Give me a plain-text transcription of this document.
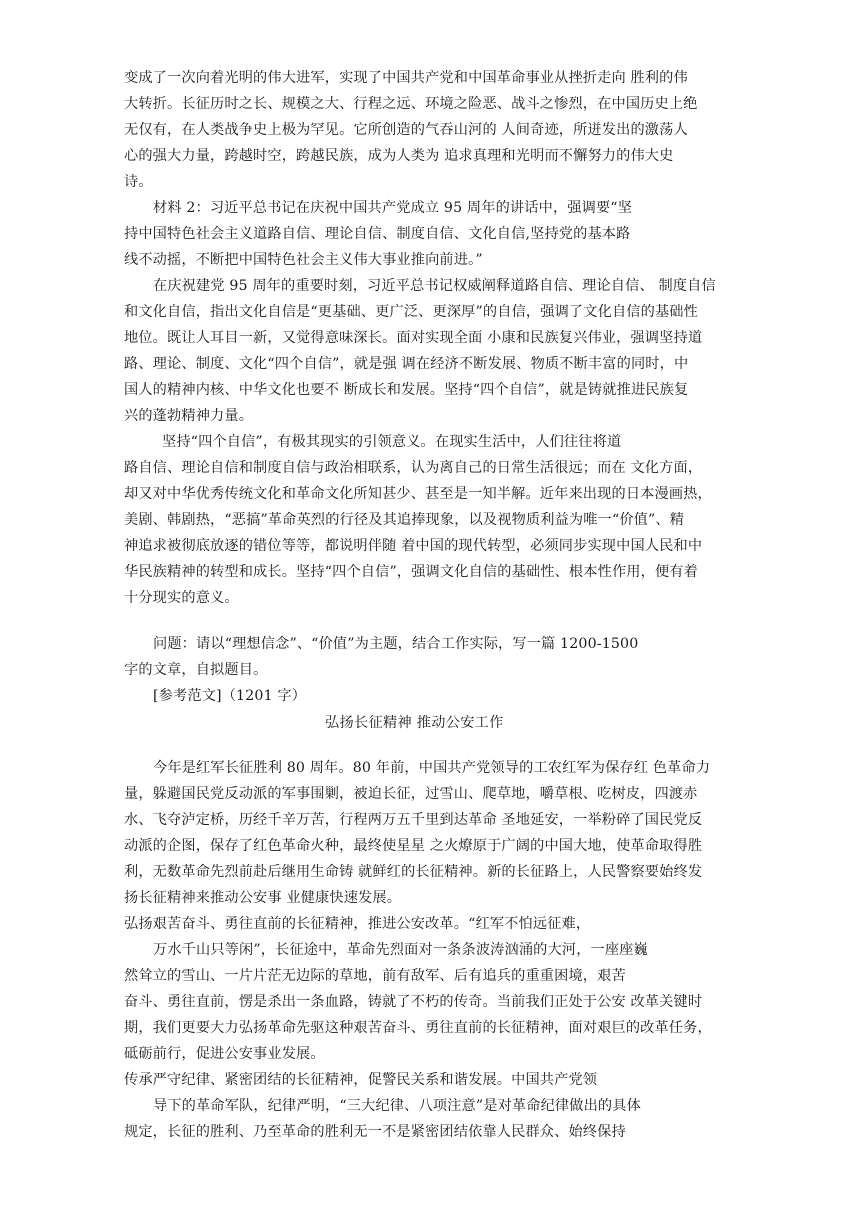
变成了一次向着光明的伟大进军，实现了中国共产党和中国革命事业从挫折走向 胜利的伟
大转折。长征历时之长、规模之大、行程之远、环境之险恶、战斗之惨烈，在中国历史上绝
无仅有，在人类战争史上极为罕见。它所创造的气吞山河的 人间奇迹，所迸发出的激荡人
心的强大力量，跨越时空，跨越民族，成为人类为 追求真理和光明而不懈努力的伟大史
诗。
材料 2：习近平总书记在庆祝中国共产党成立 95 周年的讲话中，强调要“坚
持中国特色社会主义道路自信、理论自信、制度自信、文化自信,坚持党的基本路
线不动摇，不断把中国特色社会主义伟大事业推向前进。”
在庆祝建党 95 周年的重要时刻，习近平总书记权威阐释道路自信、理论自信、 制度自信
和文化自信，指出文化自信是“更基础、更广泛、更深厚”的自信，强调了文化自信的基础性
地位。既让人耳目一新，又觉得意味深长。面对实现全面 小康和民族复兴伟业，强调坚持道
路、理论、制度、文化“四个自信”，就是强 调在经济不断发展、物质不断丰富的同时，中
国人的精神内核、中华文化也要不 断成长和发展。坚持“四个自信”，就是铸就推进民族复
兴的蓬勃精神力量。
坚持“四个自信”，有极其现实的引领意义。在现实生活中，人们往往将道
路自信、理论自信和制度自信与政治相联系，认为离自己的日常生活很远；而在 文化方面，
却又对中华优秀传统文化和革命文化所知甚少、甚至是一知半解。近年来出现的日本漫画热，
美剧、韩剧热，“恶搞”革命英烈的行径及其追捧现象，以及视物质利益为唯一“价值”、精
神追求被彻底放逐的错位等等，都说明伴随 着中国的现代转型，必须同步实现中国人民和中
华民族精神的转型和成长。坚持“四个自信”，强调文化自信的基础性、根本性作用，便有着
十分现实的意义。
问题：请以“理想信念”、“价值”为主题，结合工作实际，写一篇 1200-1500
字的文章，自拟题目。
[参考范文]（1201 字）
弘扬长征精神 推动公安工作
今年是红军长征胜利 80 周年。80 年前，中国共产党领导的工农红军为保存红 色革命力
量，躲避国民党反动派的军事围剿，被迫长征，过雪山、爬草地，嚼草根、吃树皮，四渡赤
水、飞夺泸定桥，历经千辛万苦，行程两万五千里到达革命 圣地延安，一举粉碎了国民党反
动派的企图，保存了红色革命火种，最终使星星 之火燎原于广阔的中国大地，使革命取得胜
利，无数革命先烈前赴后继用生命铸 就鲜红的长征精神。新的长征路上，人民警察要始终发
扬长征精神来推动公安事 业健康快速发展。
弘扬艰苦奋斗、勇往直前的长征精神，推进公安改革。“红军不怕远征难，
万水千山只等闲”，长征途中，革命先烈面对一条条波涛汹涌的大河，一座座巍
然耸立的雪山、一片片茫无边际的草地，前有敌军、后有追兵的重重困境，艰苦
奋斗、勇往直前，愣是杀出一条血路，铸就了不朽的传奇。当前我们正处于公安 改革关键时
期，我们更要大力弘扬革命先驱这种艰苦奋斗、勇往直前的长征精神，面对艰巨的改革任务，
砥砺前行，促进公安事业发展。
传承严守纪律、紧密团结的长征精神，促警民关系和谐发展。中国共产党领
导下的革命军队，纪律严明，“三大纪律、八项注意”是对革命纪律做出的具体
规定，长征的胜利、乃至革命的胜利无一不是紧密团结依靠人民群众、始终保持
